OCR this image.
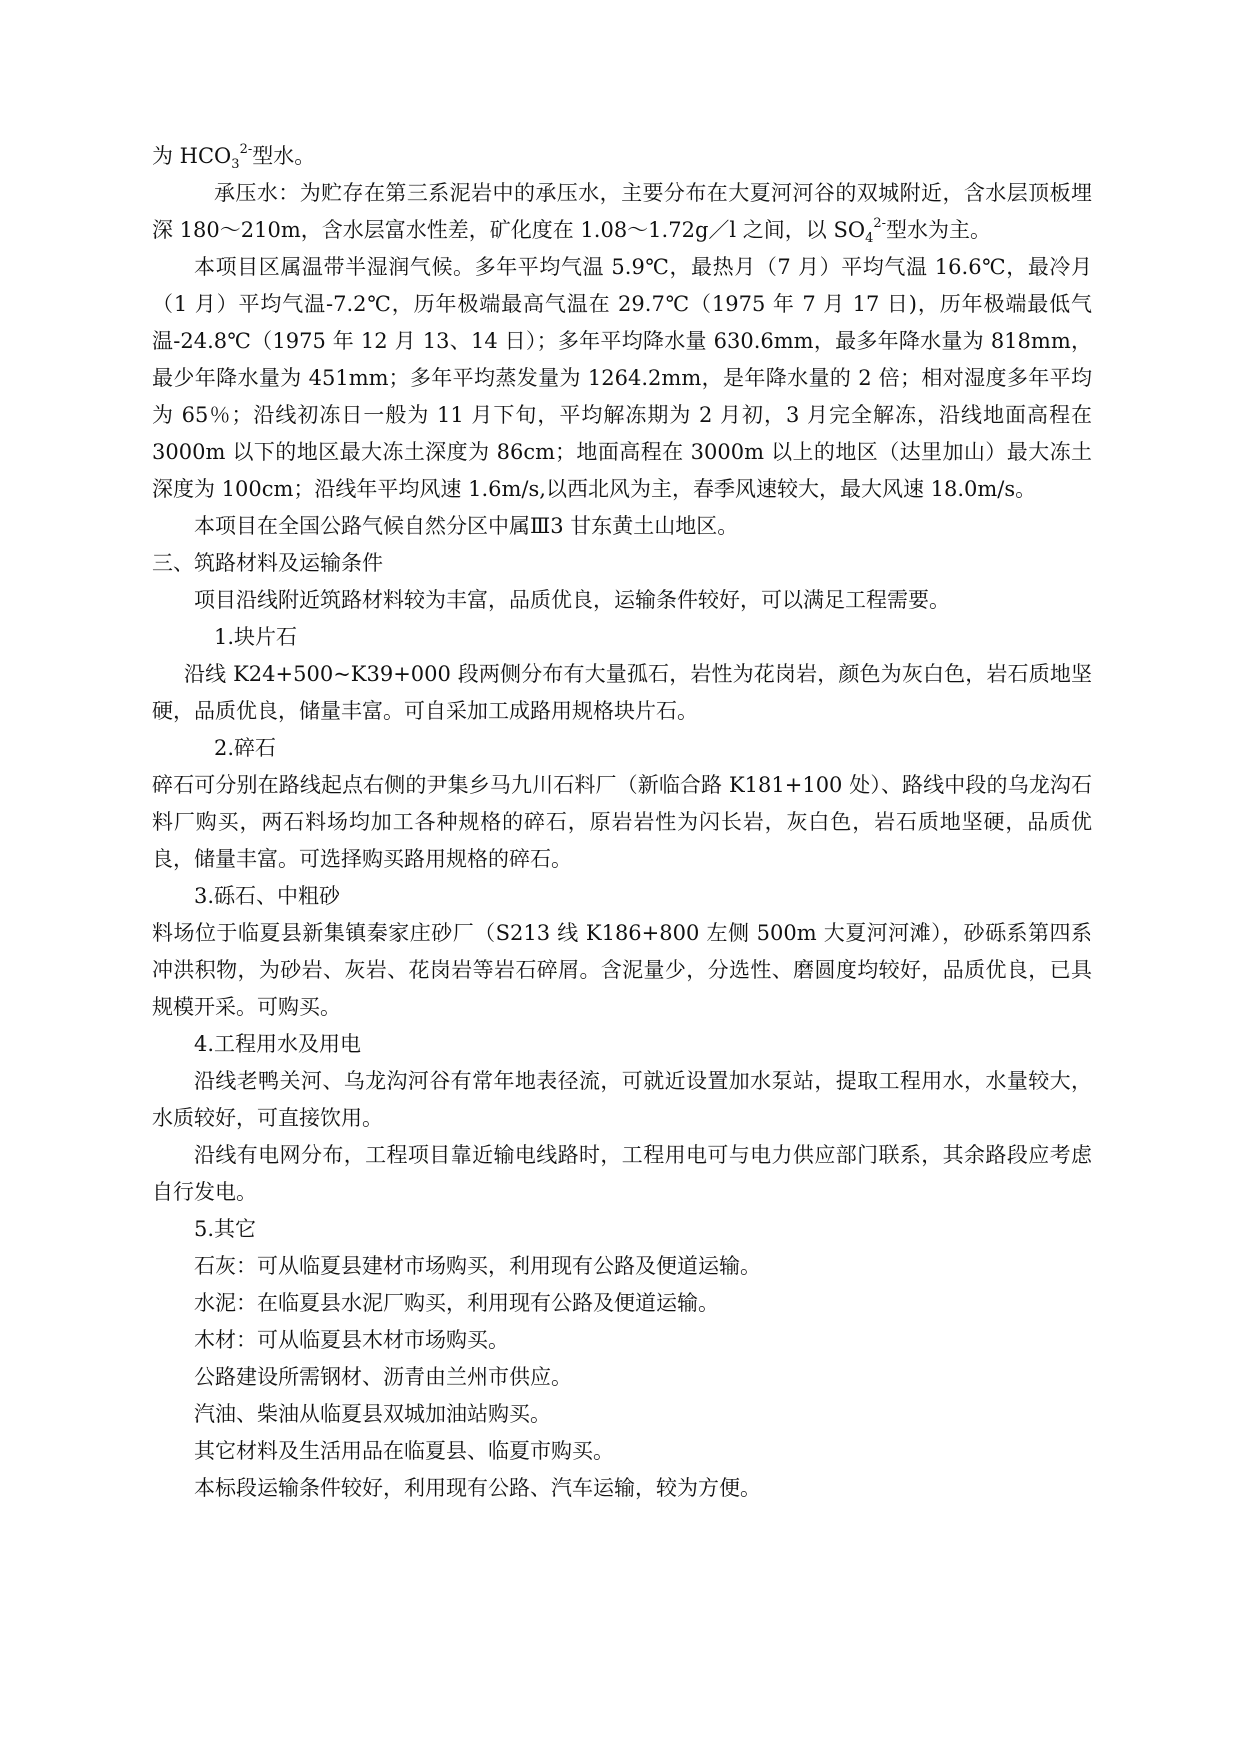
为 $HCO_3^{2-}$型水。

承压水：为贮存在第三系泥岩中的承压水，主要分布在大夏河河谷的双城附近，含水层顶板埋深 180～210m，含水层富水性差，矿化度在 1.08～1.72g／l 之间，以 $SO_4^{2-}$型水为主。

本项目区属温带半湿润气候。多年平均气温 5.9℃，最热月（7 月）平均气温 16.6℃，最冷月（1 月）平均气温-7.2℃，历年极端最高气温在 29.7℃（1975 年 7 月 17 日)，历年极端最低气温-24.8℃（1975 年 12 月 13、14 日）；多年平均降水量 630.6mm，最多年降水量为 818mm，最少年降水量为 451mm；多年平均蒸发量为 1264.2mm，是年降水量的 2 倍；相对湿度多年平均为 65％；沿线初冻日一般为 11 月下旬，平均解冻期为 2 月初，3 月完全解冻，沿线地面高程在 3000m 以下的地区最大冻土深度为 86cm；地面高程在 3000m 以上的地区（达里加山）最大冻土深度为 100cm；沿线年平均风速 1.6m/s,以西北风为主，春季风速较大，最大风速 18.0m/s。

本项目在全国公路气候自然分区中属Ⅲ3 甘东黄土山地区。

三、筑路材料及运输条件

项目沿线附近筑路材料较为丰富，品质优良，运输条件较好，可以满足工程需要。

1.块片石

沿线 K24+500~K39+000 段两侧分布有大量孤石，岩性为花岗岩，颜色为灰白色，岩石质地坚硬，品质优良，储量丰富。可自采加工成路用规格块片石。

2.碎石

碎石可分别在路线起点右侧的尹集乡马九川石料厂（新临合路 K181+100 处）、路线中段的乌龙沟石料厂购买，两石料场均加工各种规格的碎石，原岩岩性为闪长岩，灰白色，岩石质地坚硬，品质优良，储量丰富。可选择购买路用规格的碎石。

3.砾石、中粗砂

料场位于临夏县新集镇秦家庄砂厂（S213 线 K186+800 左侧 500m 大夏河河滩），砂砾系第四系冲洪积物，为砂岩、灰岩、花岗岩等岩石碎屑。含泥量少，分选性、磨圆度均较好，品质优良，已具规模开采。可购买。

4.工程用水及用电

沿线老鸭关河、乌龙沟河谷有常年地表径流，可就近设置加水泵站，提取工程用水，水量较大，水质较好，可直接饮用。

沿线有电网分布，工程项目靠近输电线路时，工程用电可与电力供应部门联系，其余路段应考虑自行发电。

5.其它

石灰：可从临夏县建材市场购买，利用现有公路及便道运输。

水泥：在临夏县水泥厂购买，利用现有公路及便道运输。

木材：可从临夏县木材市场购买。

公路建设所需钢材、沥青由兰州市供应。

汽油、柴油从临夏县双城加油站购买。

其它材料及生活用品在临夏县、临夏市购买。

本标段运输条件较好，利用现有公路、汽车运输，较为方便。
